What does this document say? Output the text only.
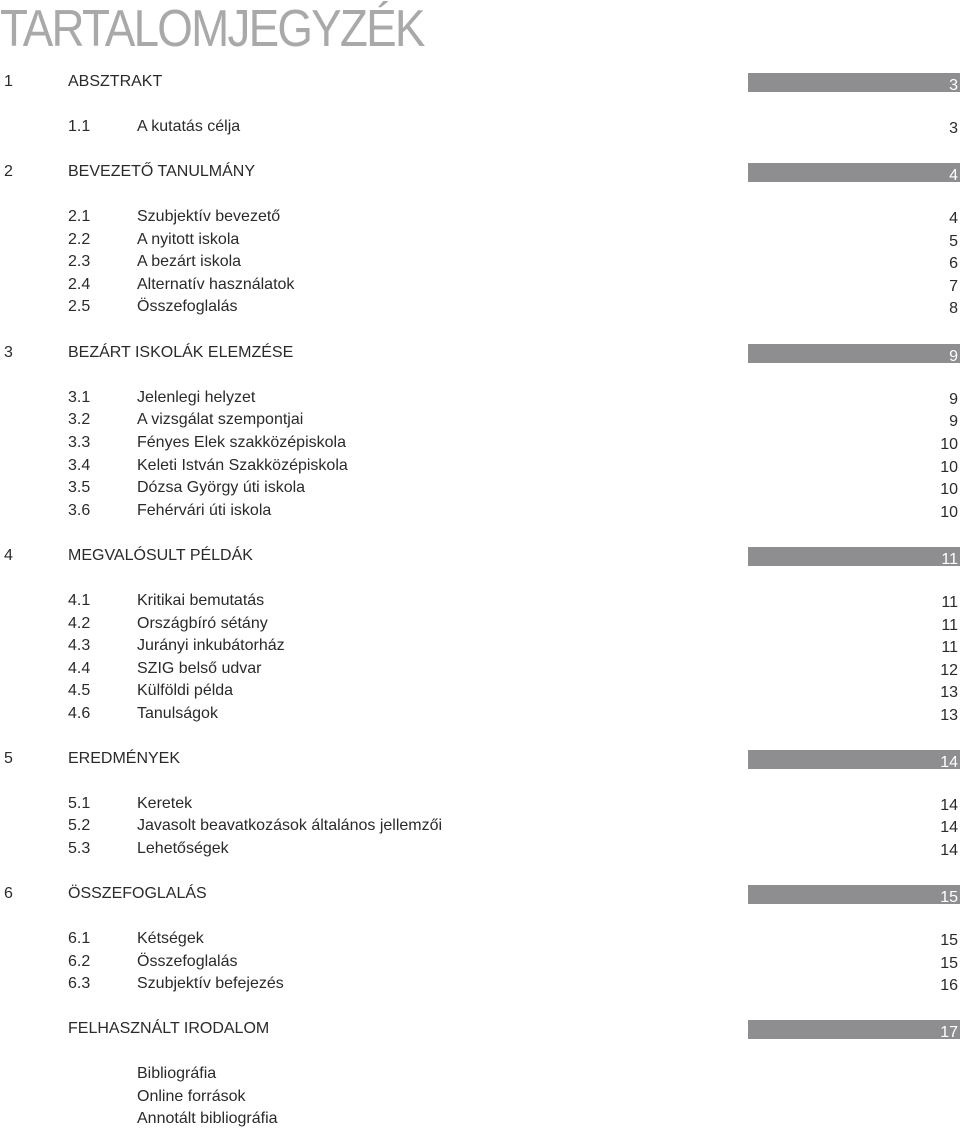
TARTALOMJEGYZÉK
1	ABSZTRAKT	3
1.1	A kutatás célja	3
2	BEVEZETŐ TANULMÁNY	4
2.1	Szubjektív bevezető	4
2.2	A nyitott iskola	5
2.3	A bezárt iskola	6
2.4	Alternatív használatok	7
2.5	Összefoglalás	8
3	BEZÁRT ISKOLÁK ELEMZÉSE	9
3.1	Jelenlegi helyzet	9
3.2	A vizsgálat szempontjai	9
3.3	Fényes Elek szakközépiskola	10
3.4	Keleti István Szakközépiskola	10
3.5	Dózsa György úti iskola	10
3.6	Fehérvári úti iskola	10
4	MEGVALÓSULT PÉLDÁK	11
4.1	Kritikai bemutatás	11
4.2	Országbíró sétány	11
4.3	Jurányi inkubátorház	11
4.4	SZIG belső udvar	12
4.5	Külföldi példa	13
4.6	Tanulságok	13
5	EREDMÉNYEK	14
5.1	Keretek	14
5.2	Javasolt beavatkozások általános jellemzői	14
5.3	Lehetőségek	14
6	ÖSSZEFOGLALÁS	15
6.1	Kétségek	15
6.2	Összefoglalás	15
6.3	Szubjektív befejezés	16
FELHASZNÁLT IRODALOM	17
Bibliográfia
Online források
Annotált bibliográfia
